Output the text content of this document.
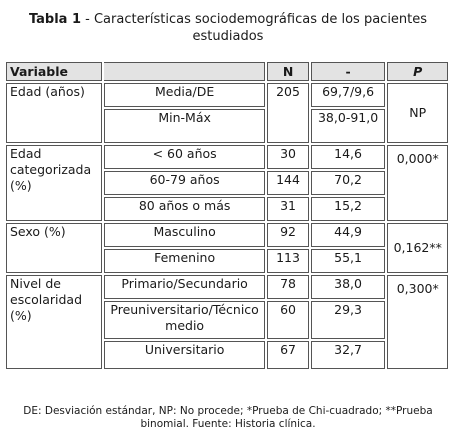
Tabla 1 - Características sociodemográficas de los pacientes estudiados
Variable		N	-	P
Edad (años)	Media/DE	205	69,7/9,6	NP
	Min-Máx		38,0-91,0	
Edad categorizada (%)	< 60 años	30	14,6	0,000*
	60-79 años	144	70,2	
	80 años o más	31	15,2	
Sexo (%)	Masculino	92	44,9	0,162**
	Femenino	113	55,1	
Nivel de escolaridad (%)	Primario/Secundario	78	38,0	0,300*
	Preuniversitario/Técnico medio	60	29,3	
	Universitario	67	32,7	
DE: Desviación estándar, NP: No procede; *Prueba de Chi-cuadrado; **Prueba binomial. Fuente: Historia clínica.
